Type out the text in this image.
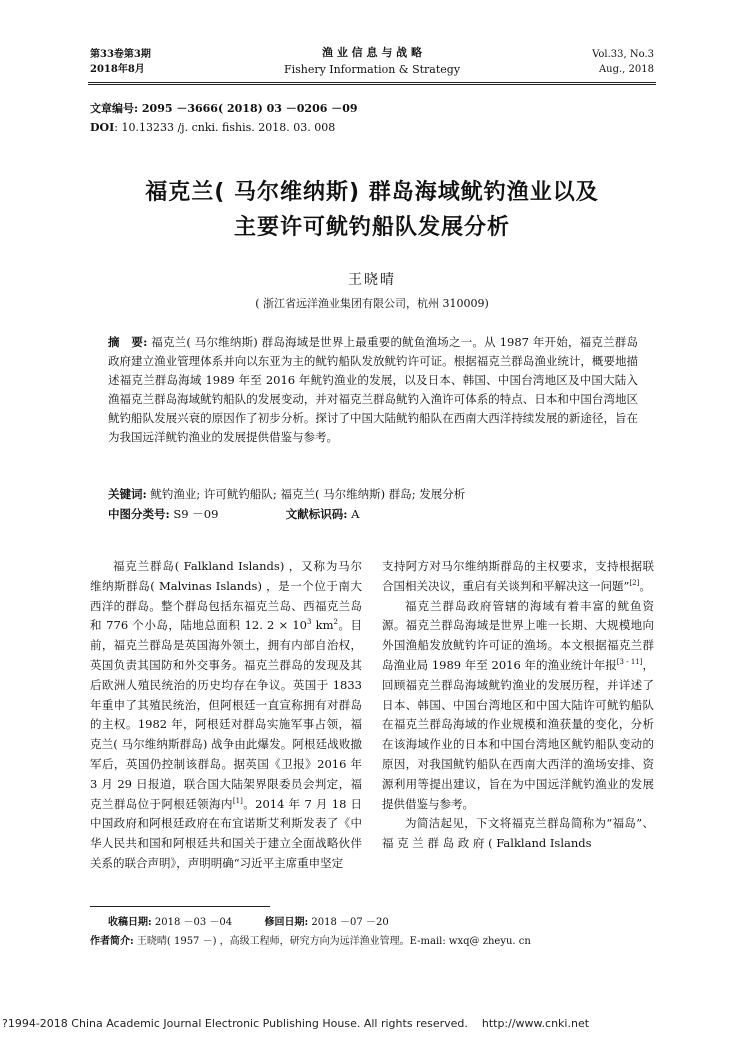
第33卷第3期
2018年8月
渔 业 信 息 与 战 略
Fishery Information & Strategy
Vol.33, No.3
Aug., 2018
文章编号: 2095 －3666( 2018) 03 －0206 －09
DOI: 10.13233 /j. cnki. fishis. 2018. 03. 008
福克兰( 马尔维纳斯) 群岛海域鱿钓渔业以及
主要许可鱿钓船队发展分析
王晓晴
( 浙江省远洋渔业集团有限公司，杭州 310009)
摘　要: 福克兰( 马尔维纳斯) 群岛海域是世界上最重要的鱿鱼渔场之一。从 1987 年开始，福克兰群岛政府建立渔业管理体系并向以东亚为主的鱿钓船队发放鱿钓许可证。根据福克兰群岛渔业统计，概要地描述福克兰群岛海域 1989 年至 2016 年鱿钓渔业的发展，以及日本、韩国、中国台湾地区及中国大陆入渔福克兰群岛海域鱿钓船队的发展变动，并对福克兰群岛鱿钓入渔许可体系的特点、日本和中国台湾地区鱿钓船队发展兴衰的原因作了初步分析。探讨了中国大陆鱿钓船队在西南大西洋持续发展的新途径，旨在为我国远洋鱿钓渔业的发展提供借鉴与参考。
关键词: 鱿钓渔业; 许可鱿钓船队; 福克兰( 马尔维纳斯) 群岛; 发展分析
中图分类号: S9 －09	文献标识码: A

福克兰群岛( Falkland Islands) ，又称为马尔维纳斯群岛( Malvinas Islands) ，是一个位于南大西洋的群岛。整个群岛包括东福克兰岛、西福克兰岛和 776 个小岛，陆地总面积 12. $2 \times 10^3$ $km^2$。目前，福克兰群岛是英国海外领土，拥有内部自治权，英国负责其国防和外交事务。福克兰群岛的发现及其后欧洲人殖民统治的历史均存在争议。英国于 1833 年重申了其殖民统治，但阿根廷一直宣称拥有对群岛的主权。1982 年，阿根廷对群岛实施军事占领，福克兰( 马尔维纳斯群岛) 战争由此爆发。阿根廷战败撤军后，英国仍控制该群岛。据英国《卫报》2016 年 3 月 29 日报道，联合国大陆架界限委员会判定，福克兰群岛位于阿根廷领海内[1]。2014 年 7 月 18 日中国政府和阿根廷政府在布宜诺斯艾利斯发表了《中华人民共和国和阿根廷共和国关于建立全面战略伙伴关系的联合声明》，声明明确“习近平主席重申坚定

支持阿方对马尔维纳斯群岛的主权要求，支持根据联合国相关决议，重启有关谈判和平解决这一问题”[2]。

福克兰群岛政府管辖的海域有着丰富的鱿鱼资源。福克兰群岛海域是世界上唯一长期、大规模地向外国渔船发放鱿钓许可证的渔场。本文根据福克兰群岛渔业局 1989 年至 2016 年的渔业统计年报[3 - 11]，回顾福克兰群岛海域鱿钓渔业的发展历程，并详述了日本、韩国、中国台湾地区和中国大陆许可鱿钓船队在福克兰群岛海域的作业规模和渔获量的变化，分析在该海域作业的日本和中国台湾地区鱿钓船队变动的原因，对我国鱿钓船队在西南大西洋的渔场安排、资源利用等提出建议，旨在为中国远洋鱿钓渔业的发展提供借鉴与参考。

为简洁起见，下文将福克兰群岛简称为“福岛”、福 克 兰 群 岛 政 府 ( Falkland Islands

收稿日期: 2018 －03 －04	修回日期: 2018 －07 －20
作者简介: 王晓晴( 1957 －) ，高级工程师，研究方向为远洋渔业管理。E-mail: wxq@ zheyu. cn
?1994-2018 China Academic Journal Electronic Publishing House. All rights reserved.    http://www.cnki.net
